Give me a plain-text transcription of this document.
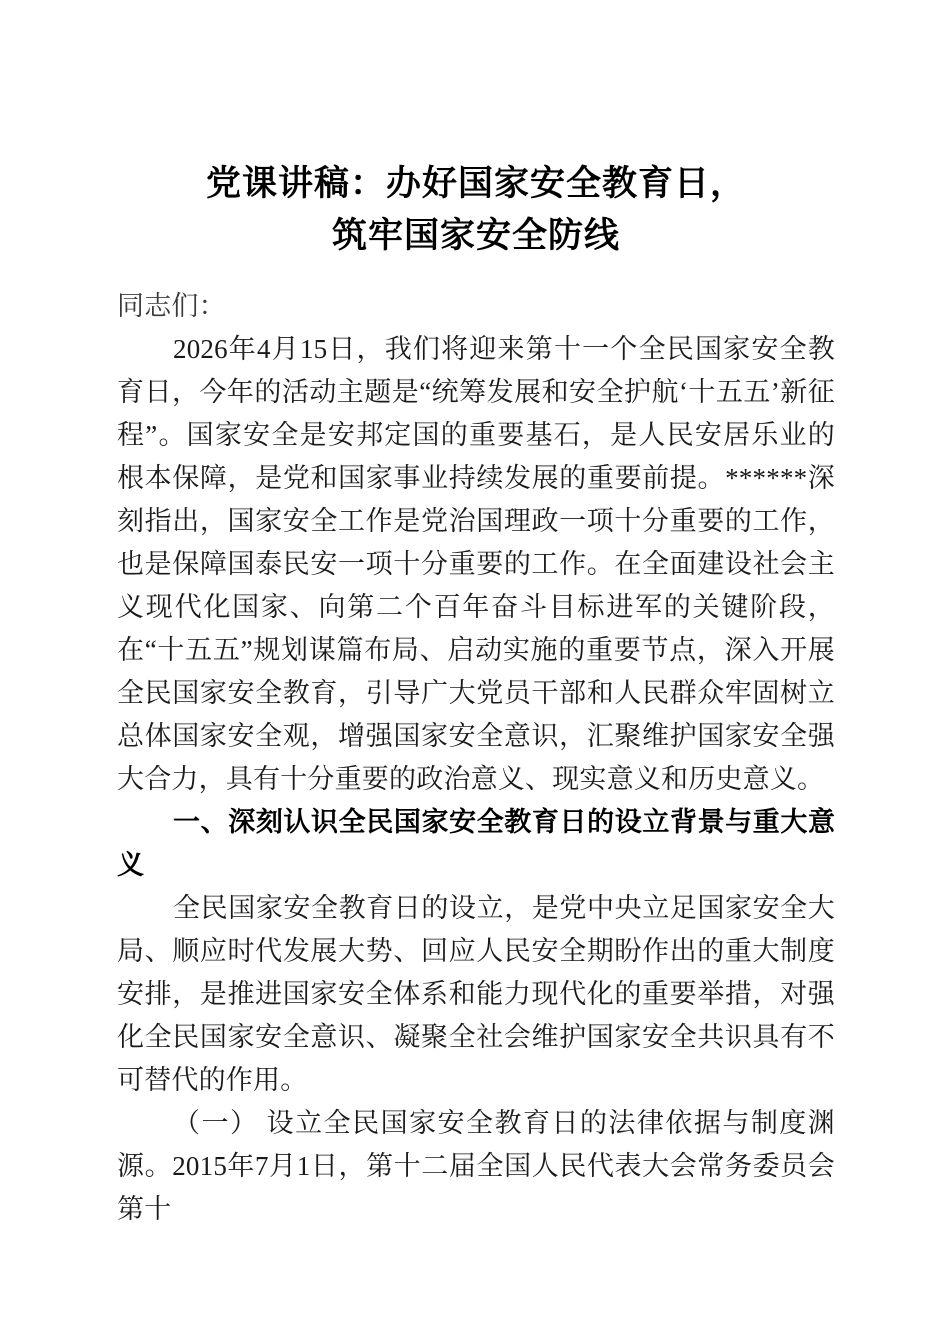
党课讲稿：办好国家安全教育日，
筑牢国家安全防线

同志们：

2026年4月15日，我们将迎来第十一个全民国家安全教育日，今年的活动主题是“统筹发展和安全护航‘十五五’新征程”。国家安全是安邦定国的重要基石，是人民安居乐业的根本保障，是党和国家事业持续发展的重要前提。******深刻指出，国家安全工作是党治国理政一项十分重要的工作，也是保障国泰民安一项十分重要的工作。在全面建设社会主义现代化国家、向第二个百年奋斗目标进军的关键阶段，在“十五五”规划谋篇布局、启动实施的重要节点，深入开展全民国家安全教育，引导广大党员干部和人民群众牢固树立总体国家安全观，增强国家安全意识，汇聚维护国家安全强大合力，具有十分重要的政治意义、现实意义和历史意义。

一、深刻认识全民国家安全教育日的设立背景与重大意义

全民国家安全教育日的设立，是党中央立足国家安全大局、顺应时代发展大势、回应人民安全期盼作出的重大制度安排，是推进国家安全体系和能力现代化的重要举措，对强化全民国家安全意识、凝聚全社会维护国家安全共识具有不可替代的作用。

（一） 设立全民国家安全教育日的法律依据与制度渊源。2015年7月1日，第十二届全国人民代表大会常务委员会第十
